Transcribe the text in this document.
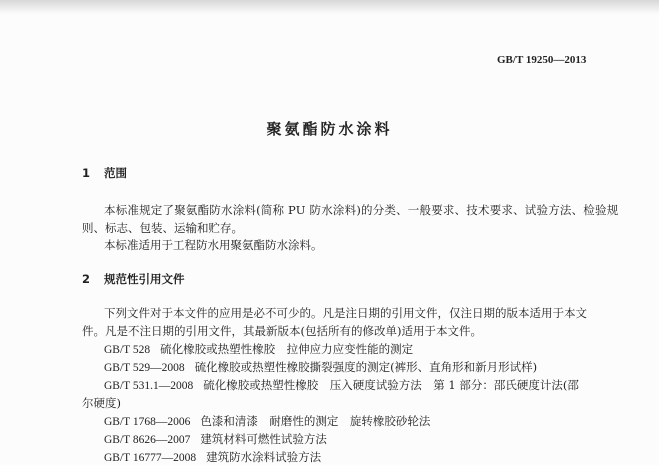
GB/T 19250—2013
聚氨酯防水涂料
1 范围
本标准规定了聚氨酯防水涂料(简称 PU 防水涂料)的分类、一般要求、技术要求、试验方法、检验规
则、标志、包装、运输和贮存。
本标准适用于工程防水用聚氨酯防水涂料。
2 规范性引用文件
下列文件对于本文件的应用是必不可少的。凡是注日期的引用文件，仅注日期的版本适用于本文
件。凡是不注日期的引用文件，其最新版本(包括所有的修改单)适用于本文件。
GB/T 528 硫化橡胶或热塑性橡胶　拉伸应力应变性能的测定
GB/T 529—2008 硫化橡胶或热塑性橡胶撕裂强度的测定(裤形、直角形和新月形试样)
GB/T 531.1—2008 硫化橡胶或热塑性橡胶　压入硬度试验方法　第 1 部分：邵氏硬度计法(邵
尔硬度)
GB/T 1768—2006 色漆和清漆　耐磨性的测定　旋转橡胶砂轮法
GB/T 8626—2007 建筑材料可燃性试验方法
GB/T 16777—2008 建筑防水涂料试验方法
